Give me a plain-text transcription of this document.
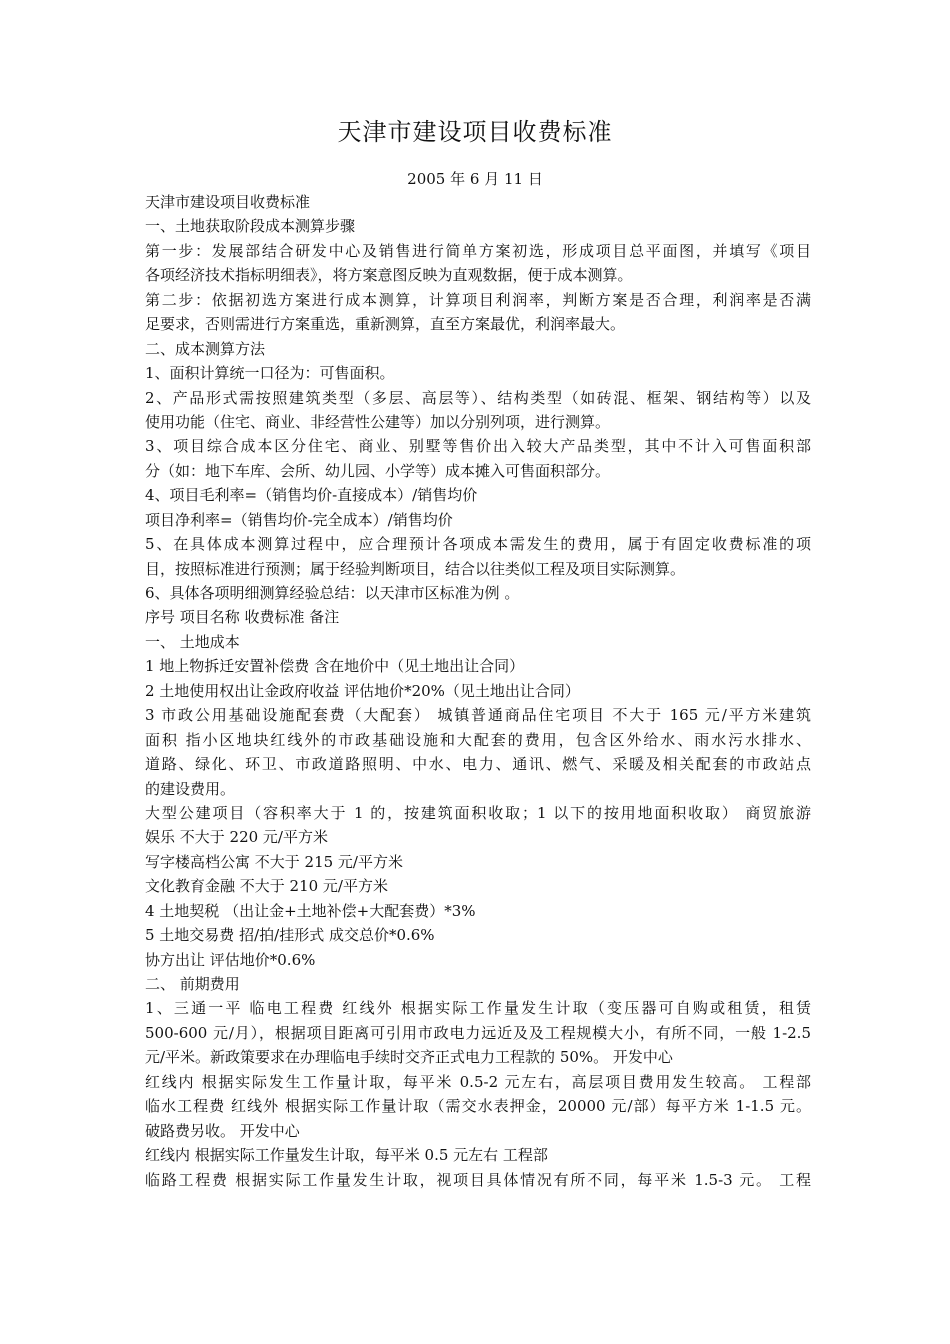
天津市建设项目收费标准
2005 年 6 月 11 日
天津市建设项目收费标准
一、土地获取阶段成本测算步骤
第一步：发展部结合研发中心及销售进行简单方案初选，形成项目总平面图，并填写《项目
各项经济技术指标明细表》，将方案意图反映为直观数据，便于成本测算。
第二步：依据初选方案进行成本测算，计算项目利润率，判断方案是否合理，利润率是否满
足要求，否则需进行方案重选，重新测算，直至方案最优，利润率最大。
二、成本测算方法
1、面积计算统一口径为：可售面积。
2、产品形式需按照建筑类型（多层、高层等）、结构类型（如砖混、框架、钢结构等）以及
使用功能（住宅、商业、非经营性公建等）加以分别列项，进行测算。
3、项目综合成本区分住宅、商业、别墅等售价出入较大产品类型，其中不计入可售面积部
分（如：地下车库、会所、幼儿园、小学等）成本摊入可售面积部分。
4、项目毛利率=（销售均价-直接成本）/销售均价
项目净利率=（销售均价-完全成本）/销售均价
5、在具体成本测算过程中，应合理预计各项成本需发生的费用，属于有固定收费标准的项
目，按照标准进行预测；属于经验判断项目，结合以往类似工程及项目实际测算。
6、具体各项明细测算经验总结：以天津市区标准为例 。
序号 项目名称 收费标准 备注
一、 土地成本
1 地上物拆迁安置补偿费 含在地价中（见土地出让合同）
2 土地使用权出让金政府收益 评估地价*20%（见土地出让合同）
3 市政公用基础设施配套费（大配套） 城镇普通商品住宅项目 不大于 165 元/平方米建筑
面积 指小区地块红线外的市政基础设施和大配套的费用，包含区外给水、雨水污水排水、
道路、绿化、环卫、市政道路照明、中水、电力、通讯、燃气、采暖及相关配套的市政站点
的建设费用。
大型公建项目（容积率大于 1 的，按建筑面积收取；1 以下的按用地面积收取） 商贸旅游
娱乐 不大于 220 元/平方米
写字楼高档公寓 不大于 215 元/平方米
文化教育金融 不大于 210 元/平方米
4 土地契税 （出让金+土地补偿+大配套费）*3%
5 土地交易费 招/拍/挂形式 成交总价*0.6%
协方出让 评估地价*0.6%
二、 前期费用
1、三通一平 临电工程费 红线外 根据实际工作量发生计取（变压器可自购或租赁，租赁
500-600 元/月），根据项目距离可引用市政电力远近及及工程规模大小，有所不同，一般 1-2.5
元/平米。新政策要求在办理临电手续时交齐正式电力工程款的 50%。 开发中心
红线内 根据实际发生工作量计取，每平米 0.5-2 元左右，高层项目费用发生较高。 工程部
临水工程费 红线外 根据实际工作量计取（需交水表押金，20000 元/部）每平方米 1-1.5 元。
破路费另收。 开发中心
红线内 根据实际工作量发生计取，每平米 0.5 元左右 工程部
临路工程费 根据实际工作量发生计取，视项目具体情况有所不同，每平米 1.5-3 元。 工程
